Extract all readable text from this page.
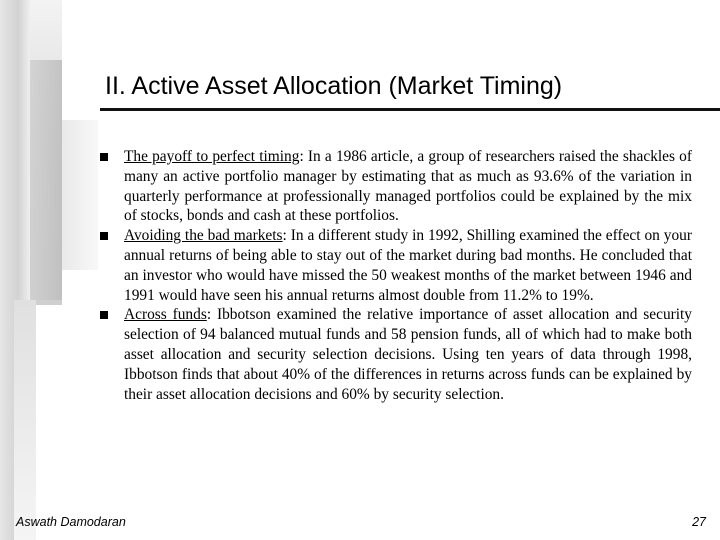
II. Active Asset Allocation (Market Timing)
The payoff to perfect timing: In a 1986 article, a group of researchers raised the shackles of many an active portfolio manager by estimating that as much as 93.6% of the variation in quarterly performance at professionally managed portfolios could be explained by the mix of stocks, bonds and cash at these portfolios.
Avoiding the bad markets: In a different study in 1992, Shilling examined the effect on your annual returns of being able to stay out of the market during bad months. He concluded that an investor who would have missed the 50 weakest months of the market between 1946 and 1991 would have seen his annual returns almost double from 11.2% to 19%.
Across funds: Ibbotson examined the relative importance of asset allocation and security selection of 94 balanced mutual funds and 58 pension funds, all of which had to make both asset allocation and security selection decisions. Using ten years of data through 1998, Ibbotson finds that about 40% of the differences in returns across funds can be explained by their asset allocation decisions and 60% by security selection.
Aswath Damodaran	27
